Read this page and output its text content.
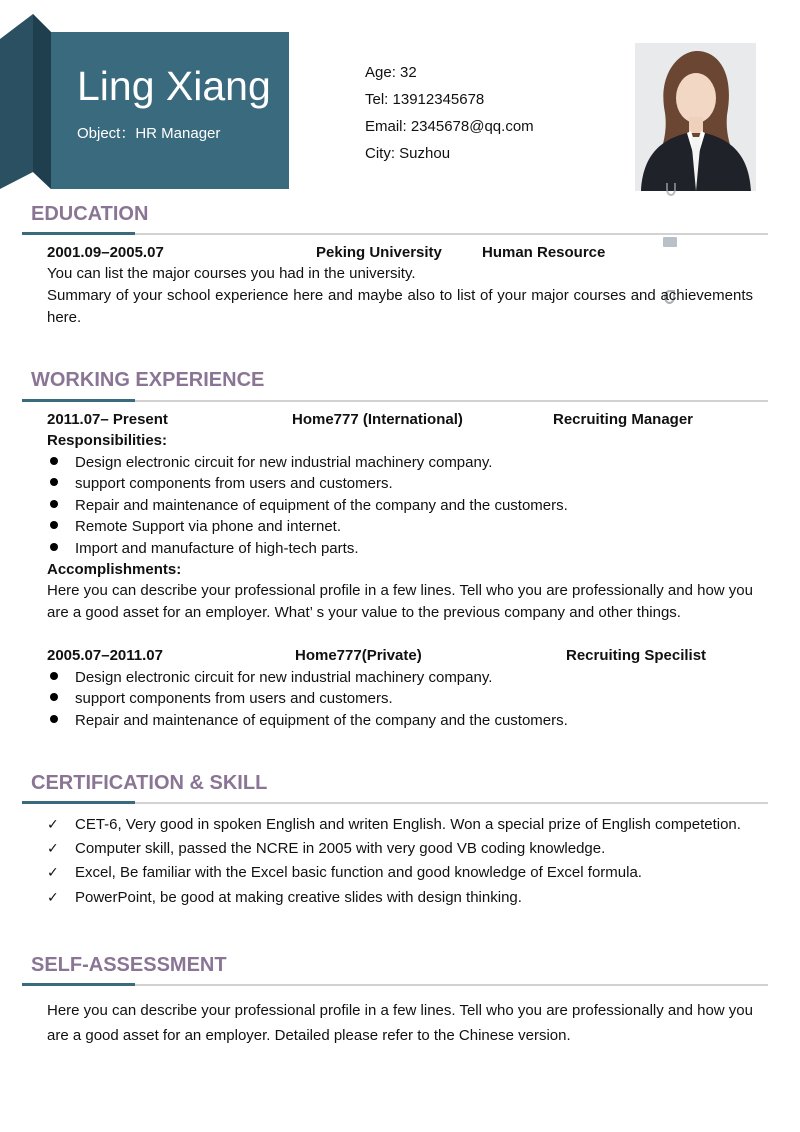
Ling Xiang
Object：HR Manager
Age: 32
Tel: 13912345678
Email: 2345678@qq.com
City: Suzhou
EDUCATION
2001.09–2005.07	Peking University	Human Resource
You can list the major courses you had in the university.
Summary of your school experience here and maybe also to list of your major courses and achievements here.
WORKING EXPERIENCE
2011.07– Present	Home777 (International)	Recruiting Manager
Responsibilities:
Design electronic circuit for new industrial machinery company.
support components from users and customers.
Repair and maintenance of equipment of the company and the customers.
Remote Support via phone and internet.
Import and manufacture of high-tech parts.
Accomplishments:
Here you can describe your professional profile in a few lines. Tell who you are professionally and how you are a good asset for an employer. What’ s your value to the previous company and other things.
2005.07–2011.07	Home777(Private)	Recruiting Specilist
Design electronic circuit for new industrial machinery company.
support components from users and customers.
Repair and maintenance of equipment of the company and the customers.
CERTIFICATION & SKILL
✓ CET-6, Very good in spoken English and writen English. Won a special prize of English competetion.
✓ Computer skill, passed the NCRE in 2005 with very good VB coding knowledge.
✓ Excel, Be familiar with the Excel basic function and good knowledge of Excel formula.
✓ PowerPoint, be good at making creative slides with design thinking.
SELF-ASSESSMENT
Here you can describe your professional profile in a few lines. Tell who you are professionally and how you are a good asset for an employer. Detailed please refer to the Chinese version.
